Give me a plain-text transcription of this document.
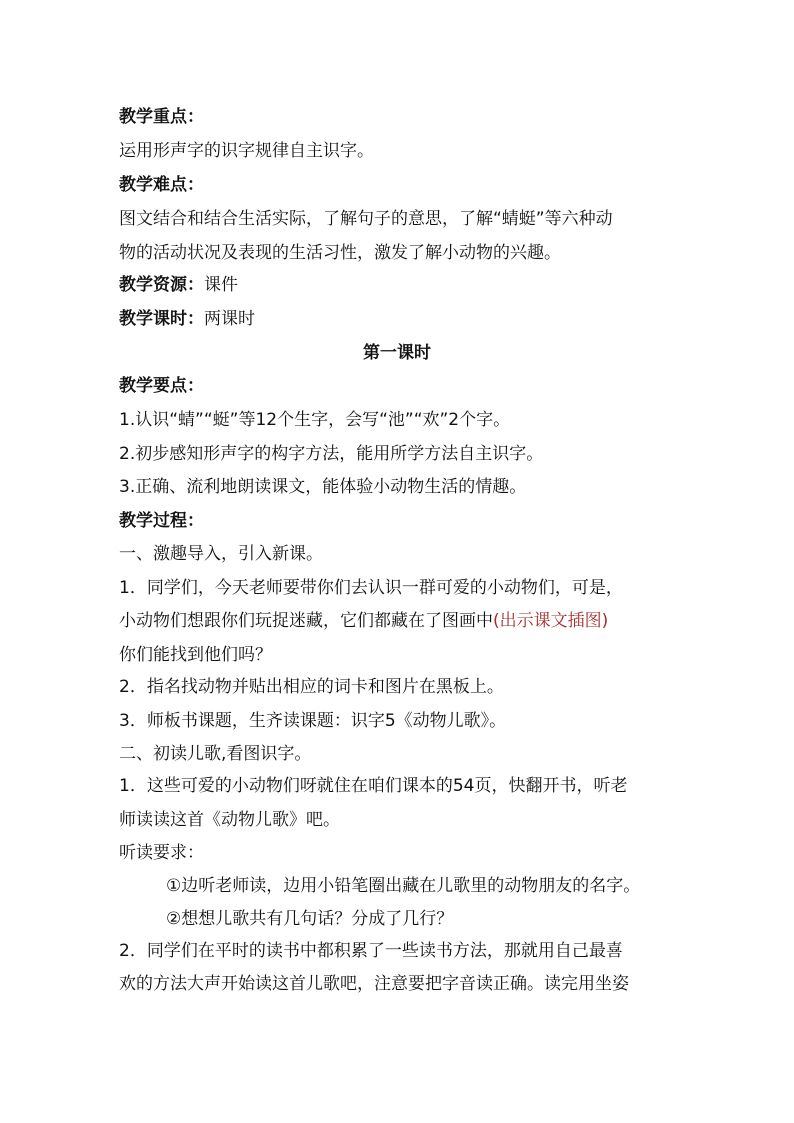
教学重点：
运用形声字的识字规律自主识字。
教学难点：
图文结合和结合生活实际，了解句子的意思，了解“蜻蜓”等六种动
物的活动状况及表现的生活习性，激发了解小动物的兴趣。
教学资源：课件
教学课时：两课时
第一课时
教学要点：
1.认识“蜻”“蜓”等12个生字，会写“池”“欢”2个字。
2.初步感知形声字的构字方法，能用所学方法自主识字。
3.正确、流利地朗读课文，能体验小动物生活的情趣。
教学过程：
一、激趣导入，引入新课。
1．同学们，今天老师要带你们去认识一群可爱的小动物们，可是，
小动物们想跟你们玩捉迷藏，它们都藏在了图画中(出示课文插图)
你们能找到他们吗？
2．指名找动物并贴出相应的词卡和图片在黑板上。
3．师板书课题，生齐读课题：识字5《动物儿歌》。
二、初读儿歌,看图识字。
1．这些可爱的小动物们呀就住在咱们课本的54页，快翻开书，听老
师读读这首《动物儿歌》吧。
听读要求：
①边听老师读，边用小铅笔圈出藏在儿歌里的动物朋友的名字。
②想想儿歌共有几句话？分成了几行？
2．同学们在平时的读书中都积累了一些读书方法，那就用自己最喜
欢的方法大声开始读这首儿歌吧，注意要把字音读正确。读完用坐姿
